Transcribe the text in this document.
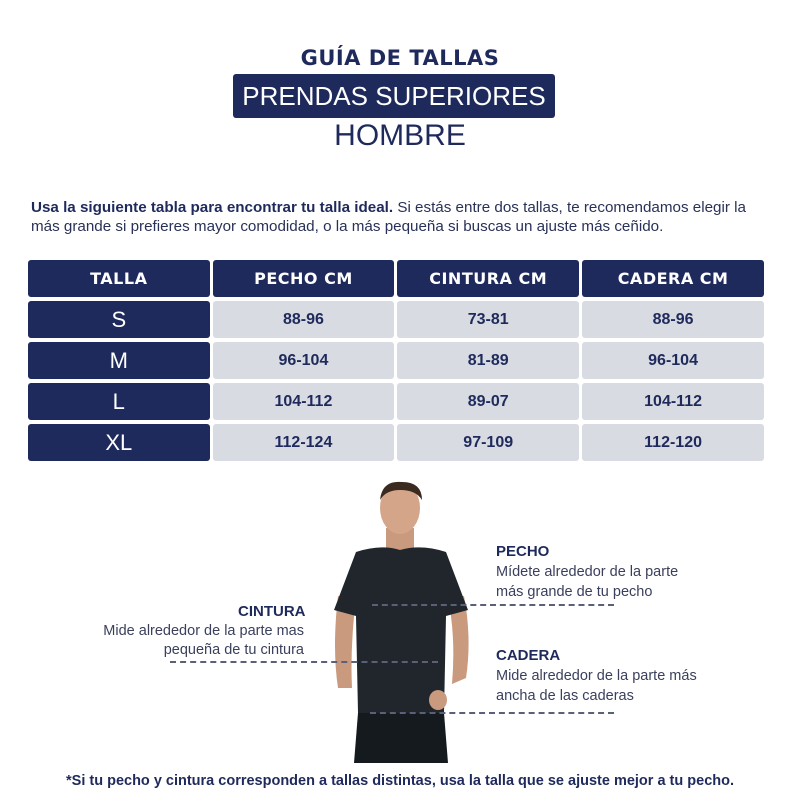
GUÍA DE TALLAS
PRENDAS SUPERIORES
HOMBRE

Usa la siguiente tabla para encontrar tu talla ideal. Si estás entre dos tallas, te recomendamos elegir la más grande si prefieres mayor comodidad, o la más pequeña si buscas un ajuste más ceñido.

TALLA	PECHO CM	CINTURA CM	CADERA CM
S	88-96	73-81	88-96
M	96-104	81-89	96-104
L	104-112	89-07	104-112
XL	112-124	97-109	112-120
PECHO
Mídete alrededor de la parte
más grande de tu pecho
CINTURA
Mide alrededor de la parte mas
pequeña de tu cintura	CADERA
Mide alrededor de la parte más
ancha de las caderas
*Si tu pecho y cintura corresponden a tallas distintas, usa la talla que se ajuste mejor a tu pecho.
